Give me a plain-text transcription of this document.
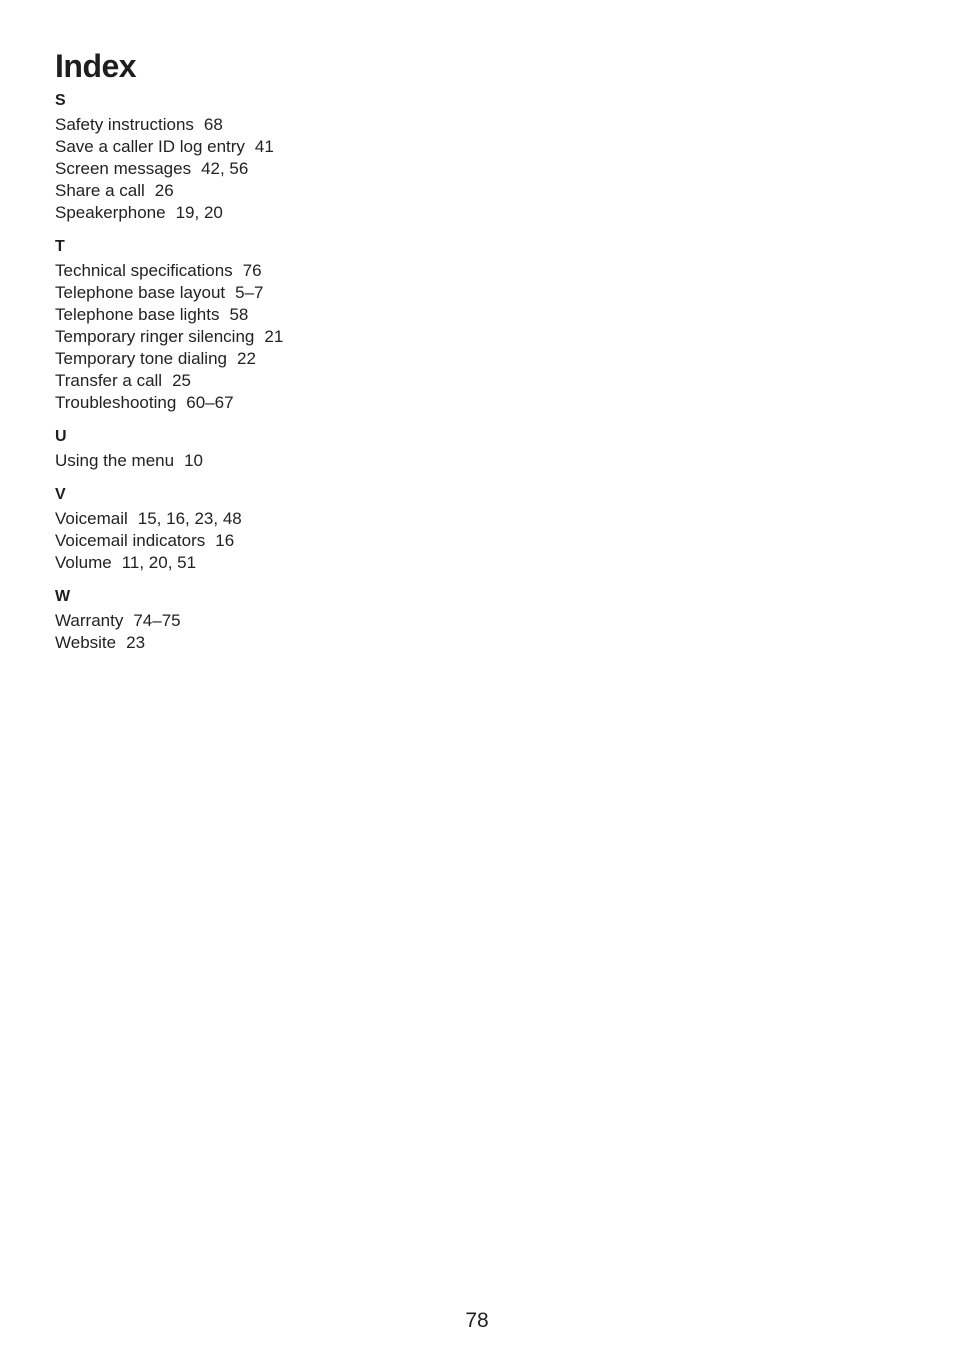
Index
S
Safety instructions 68
Save a caller ID log entry 41
Screen messages 42, 56
Share a call 26
Speakerphone 19, 20
T
Technical specifications 76
Telephone base layout 5–7
Telephone base lights 58
Temporary ringer silencing 21
Temporary tone dialing 22
Transfer a call 25
Troubleshooting 60–67
U
Using the menu 10
V
Voicemail 15, 16, 23, 48
Voicemail indicators 16
Volume 11, 20, 51
W
Warranty 74–75
Website 23
78
